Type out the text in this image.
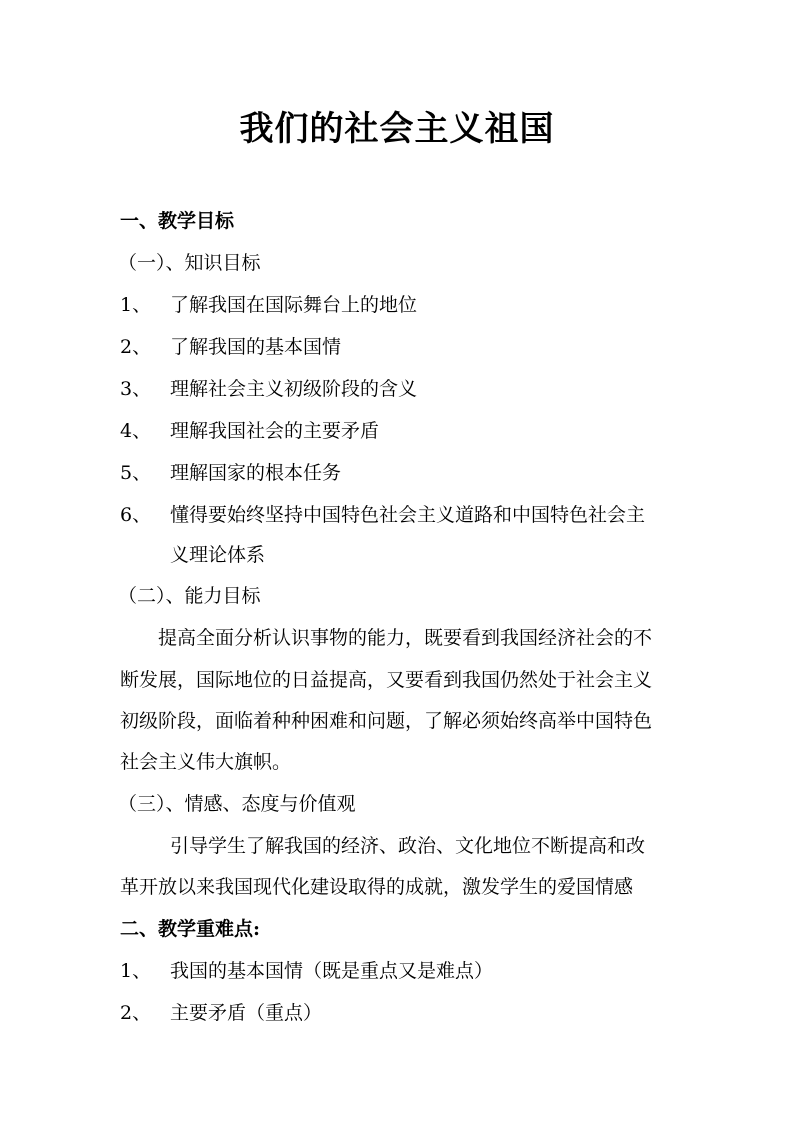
我们的社会主义祖国
一、教学目标
（一）、知识目标
1、 了解我国在国际舞台上的地位
2、 了解我国的基本国情
3、 理解社会主义初级阶段的含义
4、 理解我国社会的主要矛盾
5、 理解国家的根本任务
6、 懂得要始终坚持中国特色社会主义道路和中国特色社会主
义理论体系
（二）、能力目标
提高全面分析认识事物的能力，既要看到我国经济社会的不
断发展，国际地位的日益提高，又要看到我国仍然处于社会主义
初级阶段，面临着种种困难和问题，了解必须始终高举中国特色
社会主义伟大旗帜。
（三）、情感、态度与价值观
引导学生了解我国的经济、政治、文化地位不断提高和改
革开放以来我国现代化建设取得的成就，激发学生的爱国情感
二、教学重难点:
1、 我国的基本国情（既是重点又是难点）
2、 主要矛盾（重点）
